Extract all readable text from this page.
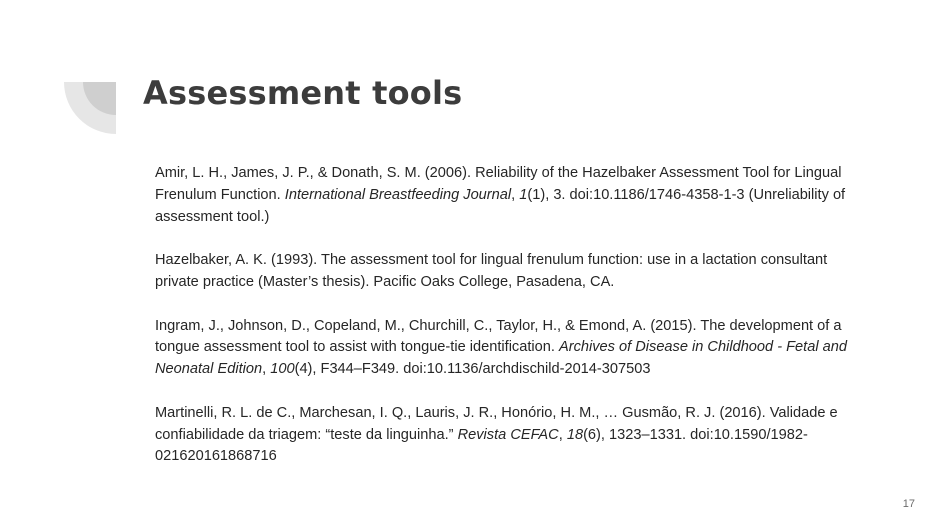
Assessment tools

Amir, L. H., James, J. P., & Donath, S. M. (2006). Reliability of the Hazelbaker Assessment Tool for Lingual Frenulum Function. International Breastfeeding Journal, 1(1), 3. doi:10.1186/1746-4358-1-3 (Unreliability of assessment tool.)

Hazelbaker, A. K. (1993). The assessment tool for lingual frenulum function: use in a lactation consultant private practice (Master’s thesis). Pacific Oaks College, Pasadena, CA.

Ingram, J., Johnson, D., Copeland, M., Churchill, C., Taylor, H., & Emond, A. (2015). The development of a tongue assessment tool to assist with tongue-tie identification. Archives of Disease in Childhood - Fetal and Neonatal Edition, 100(4), F344–F349. doi:10.1136/archdischild-2014-307503

Martinelli, R. L. de C., Marchesan, I. Q., Lauris, J. R., Honório, H. M., … Gusmão, R. J. (2016). Validade e confiabilidade da triagem: “teste da linguinha.” Revista CEFAC, 18(6), 1323–1331. doi:10.1590/1982-021620161868716

17
